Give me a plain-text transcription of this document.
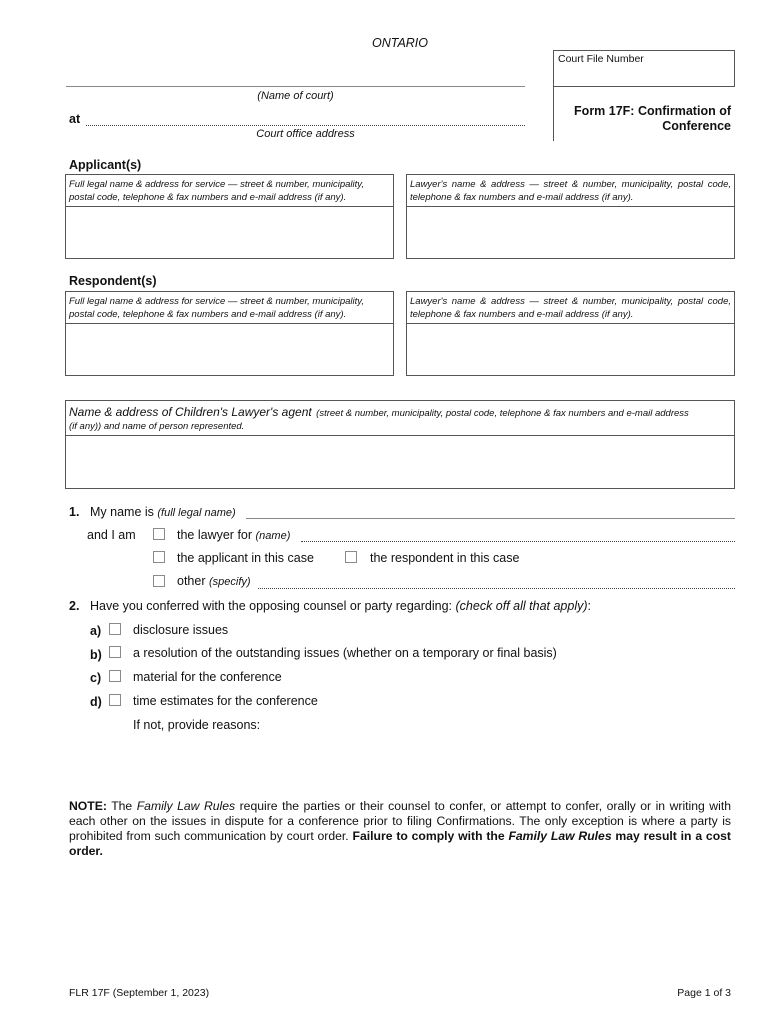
ONTARIO
Court File Number
(Name of court)
at
Court office address
Form 17F: Confirmation of
Conference
Applicant(s)
Full legal name & address for service — street & number, municipality, postal code, telephone & fax numbers and e-mail address (if any).
Lawyer's name & address — street & number, municipality, postal code, telephone & fax numbers and e-mail address (if any).
Respondent(s)
Full legal name & address for service — street & number, municipality, postal code, telephone & fax numbers and e-mail address (if any).
Lawyer's name & address — street & number, municipality, postal code, telephone & fax numbers and e-mail address (if any).
Name & address of Children's Lawyer's agent (street & number, municipality, postal code, telephone & fax numbers and e-mail address
(if any)) and name of person represented.
1. My name is (full legal name)
and I am	the lawyer for (name)
the applicant in this case	the respondent in this case
other (specify)
2. Have you conferred with the opposing counsel or party regarding: (check off all that apply):
a)	disclosure issues
b) a resolution of the outstanding issues (whether on a temporary or final basis)
c)	material for the conference
d) time estimates for the conference
If not, provide reasons:
NOTE: The Family Law Rules require the parties or their counsel to confer, or attempt to confer, orally or in writing with each other on the issues in dispute for a conference prior to filing Confirmations. The only exception is where a party is prohibited from such communication by court order. Failure to comply with the Family Law Rules may result in a cost order.
FLR 17F (September 1, 2023)	Page 1 of 3
